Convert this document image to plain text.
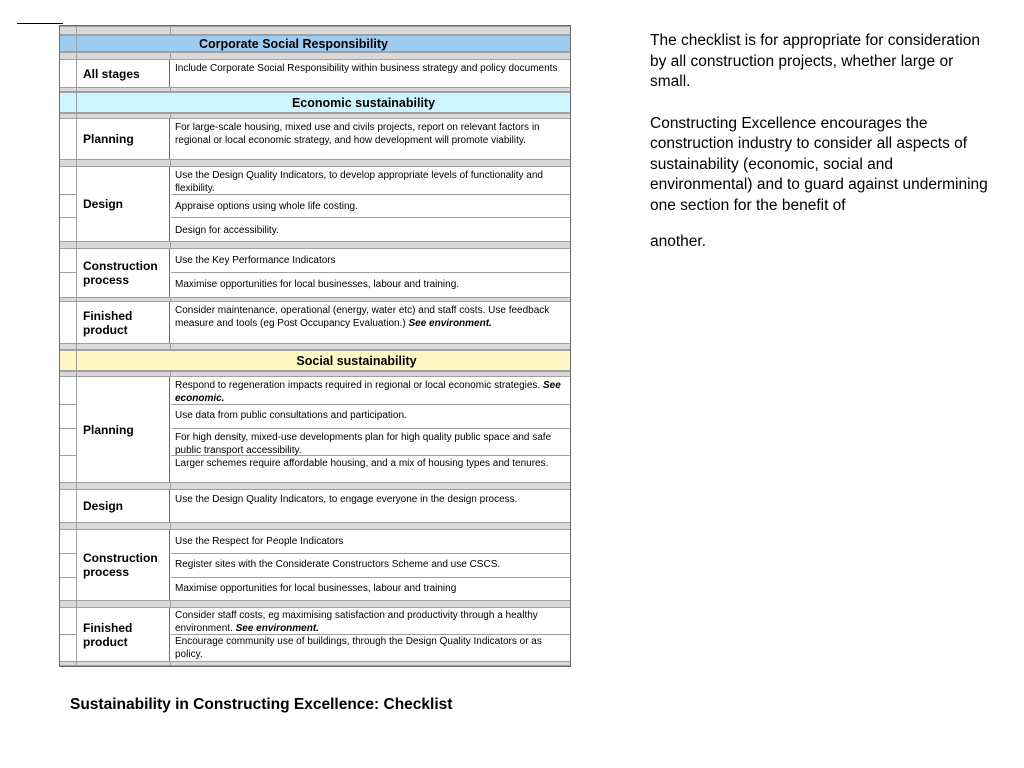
Corporate Social Responsibility
All stages	Include Corporate Social Responsibility within business strategy and policy documents
Economic sustainability
Planning
For large-scale housing, mixed use and civils projects, report on relevant factors in regional or local economic strategy, and how development will promote viability.
Design
Use the Design Quality Indicators, to develop appropriate levels of functionality and flexibility.
Appraise options using whole life costing.
Design for accessibility.
Construction process
Use the Key Performance Indicators
Maximise opportunities for local businesses, labour and training.
Finished product
Consider maintenance, operational (energy, water etc) and staff costs. Use feedback measure and tools (eg Post Occupancy Evaluation.) See environment.
Social sustainability
Planning
Respond to regeneration impacts required in regional or local economic strategies. See economic.
Use data from public consultations and participation.
For high density, mixed-use developments plan for high quality public space and safe public transport accessibility.
Larger schemes require affordable housing, and a mix of housing types and tenures.
Design	Use the Design Quality Indicators, to engage everyone in the design process.
Construction process
Use the Respect for People Indicators
Register sites with the Considerate Constructors Scheme and use CSCS.
Maximise opportunities for local businesses, labour and training
Finished product
Consider staff costs, eg maximising satisfaction and productivity through a healthy environment. See environment.
Encourage community use of buildings, through the Design Quality Indicators or as policy.

The checklist is for appropriate for consideration by all construction projects, whether large or small.

Constructing Excellence encourages the construction industry to consider all aspects of sustainability (economic, social and environmental) and to guard against undermining one section for the benefit of

another.

Sustainability in Constructing Excellence: Checklist
